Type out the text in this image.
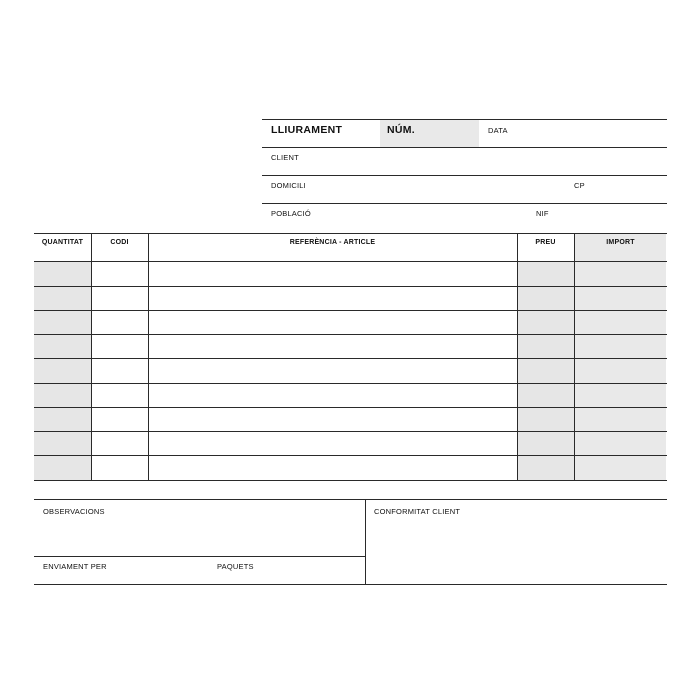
LLIURAMENT	NÚM.	DATA
CLIENT
DOMICILI	CP
POBLACIÓ	NIF
QUANTITAT	CODI	REFERÈNCIA - ARTICLE	PREU	IMPORT
OBSERVACIONS	CONFORMITAT CLIENT
ENVIAMENT PER	PAQUETS
